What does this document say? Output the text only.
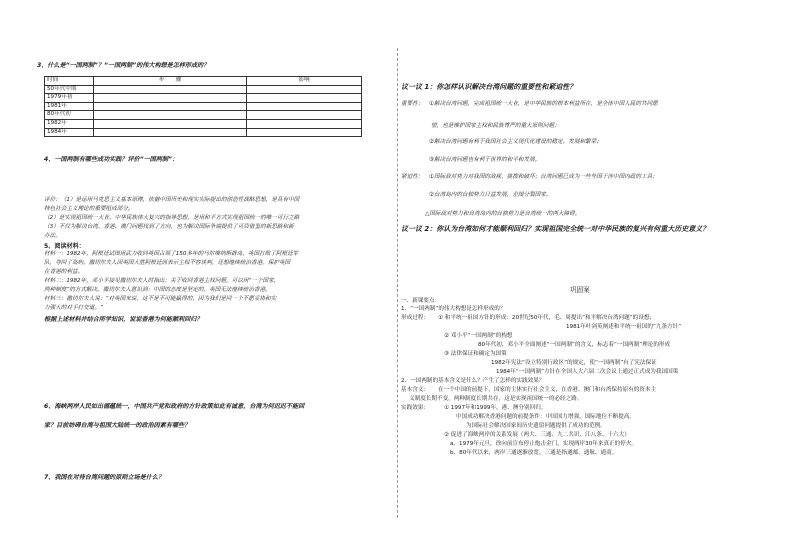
3、什么是“一国两制”？“一国两制”的伟大构想是怎样形成的？
时间	步　　骤	影响
50年代中期		
1979年初		
1981年		
80年代初		
1982年		
1984年		
4、一国两制有哪些成功实践？评价“一国两制”：
评价：（1）是运用马克思主义基本原理，依据中国历史和现实实际提出的创造性战略思想，是具有中国
特色社会主义理论的重要组成部分。
（2）是实现祖国统一大业、中华民族伟大复兴的指导思想，是用和平方式实现祖国统一的唯一可行之路
（3）不仅为解决台湾、香港、澳门问题找到了方向，也为解决国际争端提供了可资借鉴的新思路和新
办法。
5、阅读材料：
材料一：1982年，阿根廷试图用武力收回英国占领了150多年的马尔维纳斯群岛，英国打败了阿根廷军
队，夺回了岛屿。撒切尔夫人因英国大胜阿根廷而表示主权不容谈判，还想继续统治香港，保护英国
在香港的利益。
材料二：1982年，邓小平接见撒切尔夫人时指出：关于收回香港主权问题，可以用“一个国家，
两种制度”的方式解决。撒切尔夫人意识到：中国的态度是坚定的，英国无法继续统治香港。
材料三：撒切尔夫人说：“对英国来说，这不是不可能赢得的，因为我们是同一个不愿妥协和实
力强大的对手打交道。”
根据上述材料并结合所学知识，说说香港为何能顺利回归？
6、海峡两岸人民如出德蕴统一，中国共产党和政府的方针政策如此有诚意，台湾为何迟迟不能回
家？目前妨碍台湾与祖国大陆统一的政治因素有哪些？
7、我国在对待台湾问题的原则立场是什么？
议一议 1：你怎样认识解决台湾问题的重要性和紧迫性？
重要性： ①解决台湾问题，完成祖国统一大业，是中华民族的根本利益所在，是全体中国人民的共同愿
望，也是维护国家主权和民族尊严的重大原则问题；
②解决台湾问题有利于我国社会主义现代化建设的稳定、发展和繁荣；
③解决台湾问题也有利于世界的和平和发展。
紧迫性： ①国际敌对势力对我国的敌视、挑拨和破坏；台湾问题已成为一些外国干涉中国内政的工具；
②台湾岛内的台独势力日益发展，企图分裂国家。
△国际敌对势力和台湾岛内的台独势力是台湾统一的两大障碍。
议一议 2：你认为台湾如何才能顺利回归？实现祖国完全统一对中华民族的复兴有何重大历史意义？
巩固案
一、新课要点：
1、“一国两制”的伟大构想是怎样形成的？
形成过程： ① 和平统一祖国方针的形成：20世纪50年代，毛、周提出“和平解决台湾问题”的设想；
1981年叶剑英阐述和平统一祖国的“九条方针”
② 邓小平“一国两制”的构想
80年代初，邓小平全面阐述“一国两制”的含义，标志着“一国两制”理论的形成
③ 法律保证和确定为国策
1982年宪法“设立特别行政区”的规定，使“一国两制”有了宪法保证
1984年“一国两制”方针在全国人大六届二次会议上通过正式成为我国国策
2、一国两制的基本含义是什么？产生了怎样的实践效果？
基本含义： 在一个中国的前提下，国家的主体实行社会主义，在香港、澳门和台湾保持原有的资本主
义制度长期不变，两种制度长期共存，这是实现祖国统一的必经之路。
实践效果：	① 1997年和1999年，港、澳分别回归。
中国成功解决香港问题的前提条件：中国国力增强，国际地位不断提高。
为国际社会解决国家间历史遗留问题提供了成功的范例。
② 促进了海峡两岸的关系发展（两大、三通、九二共识、江八条、十六大）
a、1979年元旦，徐向前宣布停止炮击金门，实现两岸30年来真正的停火。
b、80年代以来，两岸三通逐渐放宽，三通是指通邮、通航、通商。
